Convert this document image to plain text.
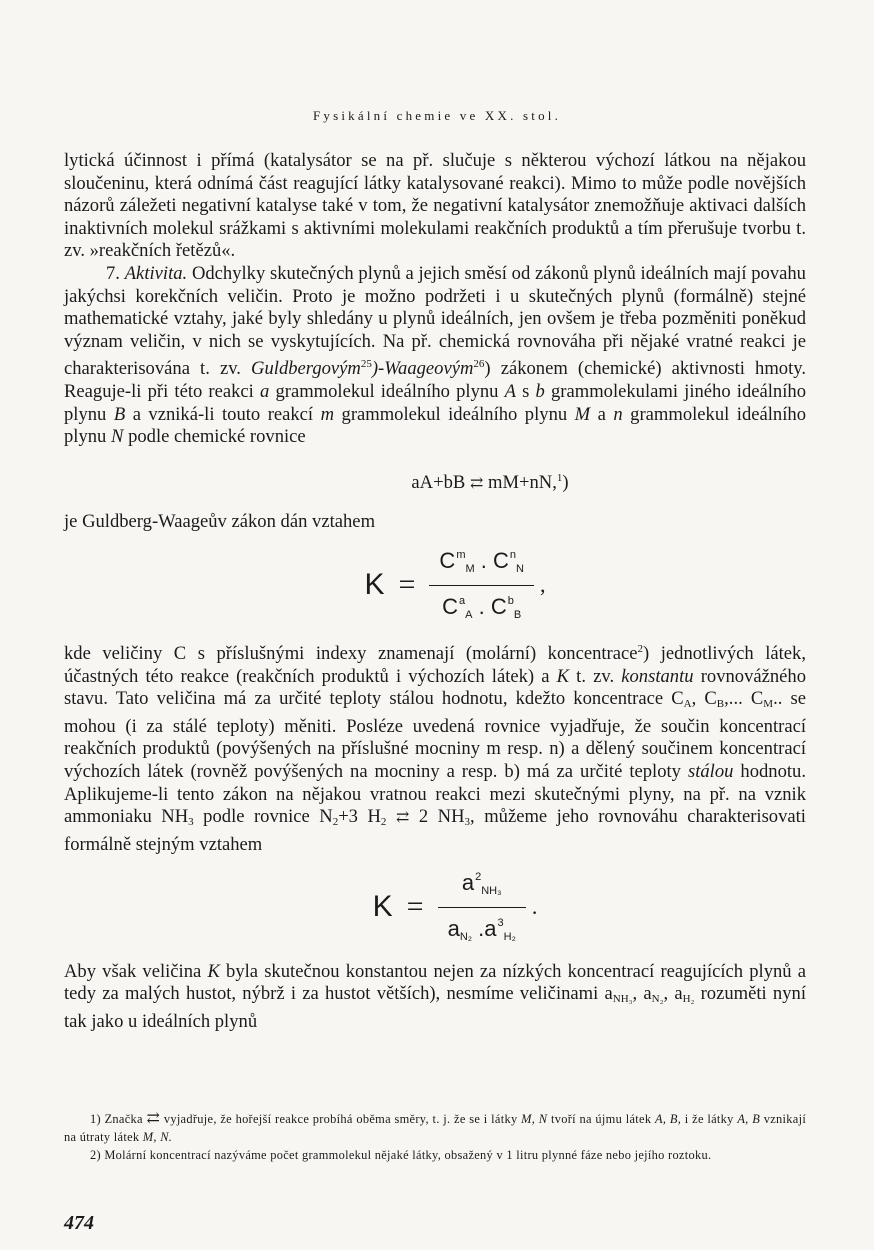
Fysikální chemie ve XX. stol.

lytická účinnost i přímá (katalysátor se na př. slučuje s některou výchozí látkou na nějakou sloučeninu, která odnímá část reagující látky katalysované reakci). Mimo to může podle novějších názorů záležeti negativní katalyse také v tom, že negativní katalysátor znemožňuje aktivaci dalších inaktivních molekul srážkami s aktivními molekulami reakčních produktů a tím přerušuje tvorbu t. zv. »reakčních řetězů«.

7. Aktivita. Odchylky skutečných plynů a jejich směsí od zákonů plynů ideálních mají povahu jakýchsi korekčních veličin. Proto je možno podržeti i u skutečných plynů (formálně) stejné mathematické vztahy, jaké byly shledány u plynů ideálních, jen ovšem je třeba pozměniti poněkud význam veličin, v nich se vyskytujících. Na př. chemická rovnováha při nějaké vratné reakci je charakterisována t. zv. Guldbergovým$^{25}$)-Waageovým$^{26}$) zákonem (chemické) aktivnosti hmoty. Reaguje-li při této reakci a grammolekul ideálního plynu A s b grammolekulami jiného ideálního plynu B a vzniká-li touto reakcí m grammolekul ideálního plynu M a n grammolekul ideálního plynu N podle chemické rovnice

aA+bB ⇄ mM+nN,$^1$)

je Guldberg-Waageův zákon dán vztahem

$K = \frac{C^mM . C^nN}{C^aA . C^bB}$ ,

kde veličiny C s příslušnými indexy znamenají (molární) koncentrace$^2$) jednotlivých látek, účastných této reakce (reakčních produktů i výchozích látek) a K t. zv. konstantu rovnovážného stavu. Tato veličina má za určité teploty stálou hodnotu, kdežto koncentrace $C_A$, $C_B$,... $C_M$.. se mohou (i za stálé teploty) měniti. Posléze uvedená rovnice vyjadřuje, že součin koncentrací reakčních produktů (povýšených na příslušné mocniny m resp. n) a dělený součinem koncentrací výchozích látek (rovněž povýšených na mocniny a resp. b) má za určité teploty stálou hodnotu. Aplikujeme-li tento zákon na nějakou vratnou reakci mezi skutečnými plyny, na př. na vznik ammoniaku $NH_3$ podle rovnice $N_2+3$ $H_2$ ⇄ 2 $NH_3$, můžeme jeho rovnováhu charakterisovati formálně stejným vztahem

$K = \frac{a^2NH_3}{aN_2 .a^3H_2}$ .

Aby však veličina K byla skutečnou konstantou nejen za nízkých koncentrací reagujících plynů a tedy za malých hustot, nýbrž i za hustot větších), nesmíme veličinami $a_{NH_3}$, $a_{N_2}$, $a_{H_2}$ rozuměti nyní tak jako u ideálních plynů

1) Značka ⇄ vyjadřuje, že hořejší reakce probíhá oběma směry, t. j. že se i látky M, N tvoří na újmu látek A, B, i že látky A, B vznikají na útraty látek M, N.

2) Molární koncentrací nazýváme počet grammolekul nějaké látky, obsažený v 1 litru plynné fáze nebo jejího roztoku.

474
